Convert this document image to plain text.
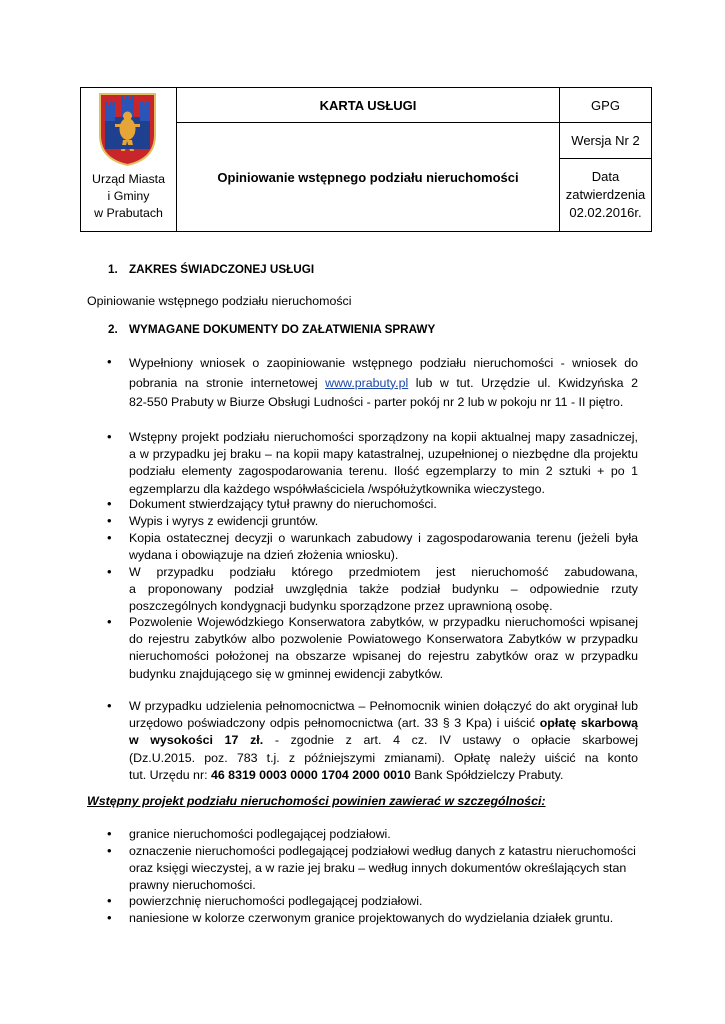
Urząd Miasta
i Gminy
w Prabutach	KARTA USŁUGI	GPG
	Opiniowanie wstępnego podziału nieruchomości	Wersja Nr 2

		Data
zatwierdzenia
02.02.2016r.
1. ZAKRES ŚWIADCZONEJ USŁUGI
Opiniowanie wstępnego podziału nieruchomości
2. WYMAGANE DOKUMENTY DO ZAŁATWIENIA SPRAWY
• Wypełniony wniosek o zaopiniowanie wstępnego podziału nieruchomości - wniosek do
pobrania na stronie internetowej www.prabuty.pl lub w tut. Urzędzie ul. Kwidzyńska 2
82-550 Prabuty w Biurze Obsługi Ludności - parter pokój nr 2 lub w pokoju nr 11 - II piętro.
• Wstępny projekt podziału nieruchomości sporządzony na kopii aktualnej mapy zasadniczej,
a w przypadku jej braku – na kopii mapy katastralnej, uzupełnionej o niezbędne dla projektu
podziału elementy zagospodarowania terenu. Ilość egzemplarzy to min 2 sztuki + po 1
egzemplarzu dla każdego współwłaściciela /współużytkownika wieczystego.
• Dokument stwierdzający tytuł prawny do nieruchomości.
• Wypis i wyrys z ewidencji gruntów.
• Kopia ostatecznej decyzji o warunkach zabudowy i zagospodarowania terenu (jeżeli była
wydana i obowiązuje na dzień złożenia wniosku).
• W przypadku podziału którego przedmiotem jest nieruchomość zabudowana,
a proponowany podział uwzględnia także podział budynku – odpowiednie rzuty
poszczególnych kondygnacji budynku sporządzone przez uprawnioną osobę.
• Pozwolenie Wojewódzkiego Konserwatora zabytków, w przypadku nieruchomości wpisanej
do rejestru zabytków albo pozwolenie Powiatowego Konserwatora Zabytków w przypadku
nieruchomości położonej na obszarze wpisanej do rejestru zabytków oraz w przypadku
budynku znajdującego się w gminnej ewidencji zabytków.
• W przypadku udzielenia pełnomocnictwa – Pełnomocnik winien dołączyć do akt oryginał lub
urzędowo poświadczony odpis pełnomocnictwa (art. 33 § 3 Kpa) i uiścić opłatę skarbową
w wysokości 17 zł. - zgodnie z art. 4 cz. IV ustawy o opłacie skarbowej
(Dz.U.2015. poz. 783 t.j. z późniejszymi zmianami). Opłatę należy uiścić na konto
tut. Urzędu nr: 46 8319 0003 0000 1704 2000 0010 Bank Spółdzielczy Prabuty.
Wstępny projekt podziału nieruchomości powinien zawierać w szczególności:
• granice nieruchomości podlegającej podziałowi.
• oznaczenie nieruchomości podlegającej podziałowi według danych z katastru nieruchomości
oraz księgi wieczystej, a w razie jej braku – według innych dokumentów określających stan
prawny nieruchomości.
• powierzchnię nieruchomości podlegającej podziałowi.
• naniesione w kolorze czerwonym granice projektowanych do wydzielania działek gruntu.
